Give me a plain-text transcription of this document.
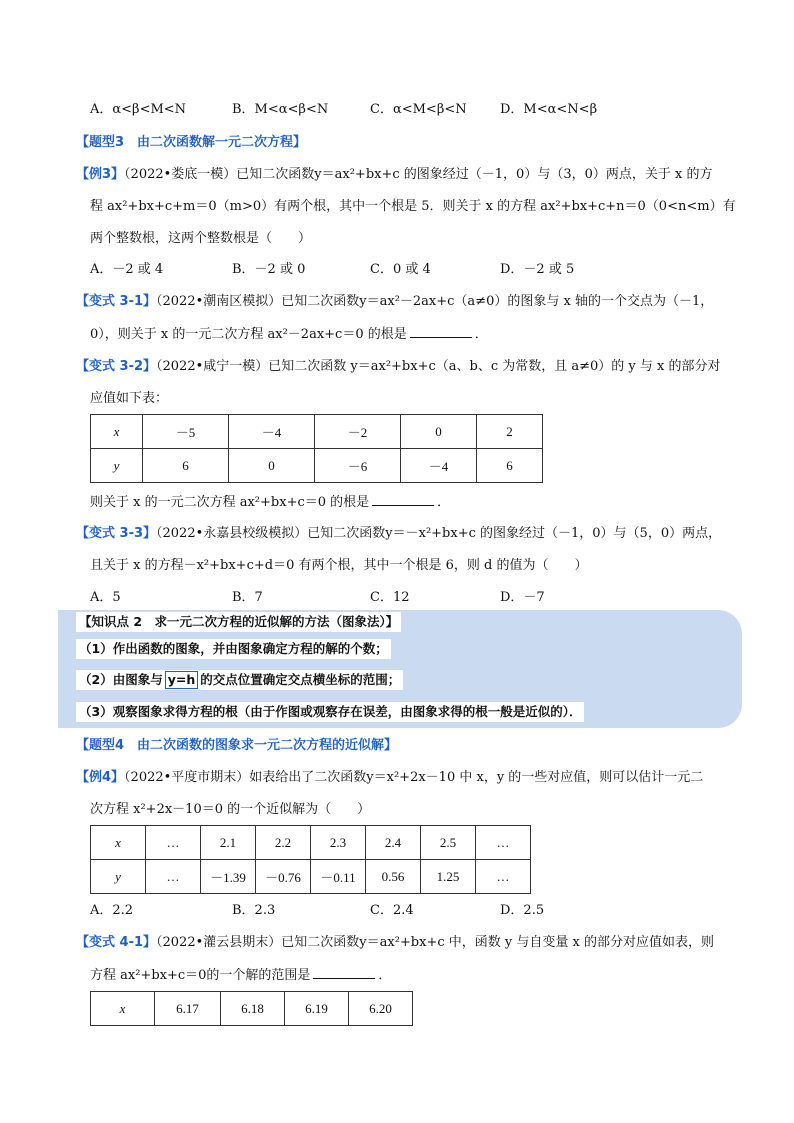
A．α<β<M<N	B．M<α<β<N	C．α<M<β<N	D．M<α<N<β
【题型3　由二次函数解一元二次方程】
【例3】（2022•娄底一模）已知二次函数y＝ax²+bx+c 的图象经过（－1，0）与（3，0）两点，关于 x 的方
程 ax²+bx+c+m＝0（m>0）有两个根，其中一个根是 5．则关于 x 的方程 ax²+bx+c+n＝0（0<n<m）有
两个整数根，这两个整数根是（　　）
A．－2 或 4	B．－2 或 0	C．0 或 4	D．－2 或 5
【变式 3-1】（2022•潮南区模拟）已知二次函数y＝ax²－2ax+c（a≠0）的图象与 x 轴的一个交点为（－1，
0），则关于 x 的一元二次方程 ax²－2ax+c＝0 的根是	．
【变式 3-2】（2022•咸宁一模）已知二次函数 y＝ax²+bx+c（a、b、c 为常数，且 a≠0）的 y 与 x 的部分对
应值如下表：
x	－5	－4	－2	0	2
y	6	0	－6	－4	6
则关于 x 的一元二次方程 ax²+bx+c＝0 的根是	．
【变式 3-3】（2022•永嘉县校级模拟）已知二次函数y＝－x²+bx+c 的图象经过（－1，0）与（5，0）两点，
且关于 x 的方程－x²+bx+c+d＝0 有两个根，其中一个根是 6，则 d 的值为（　　）
A．5	B．7	C．12	D．－7
【知识点 2　求一元二次方程的近似解的方法（图象法）】
（1）作出函数的图象，并由图象确定方程的解的个数；
（2）由图象与 y=h 的交点位置确定交点横坐标的范围；
（3）观察图象求得方程的根（由于作图或观察存在误差，由图象求得的根一般是近似的）．
【题型4　由二次函数的图象求一元二次方程的近似解】
【例4】（2022•平度市期末）如表给出了二次函数y＝x²+2x－10 中 x，y 的一些对应值，则可以估计一元二
次方程 x²+2x－10＝0 的一个近似解为（　　）
x	…	2.1	2.2	2.3	2.4	2.5	…
y	…	－1.39	－0.76	－0.11	0.56	1.25	…
A．2.2	B．2.3	C．2.4	D．2.5
【变式 4-1】（2022•灌云县期末）已知二次函数y＝ax²+bx+c 中，函数 y 与自变量 x 的部分对应值如表，则
方程 ax²+bx+c＝0的一个解的范围是	．
x	6.17	6.18	6.19	6.20
